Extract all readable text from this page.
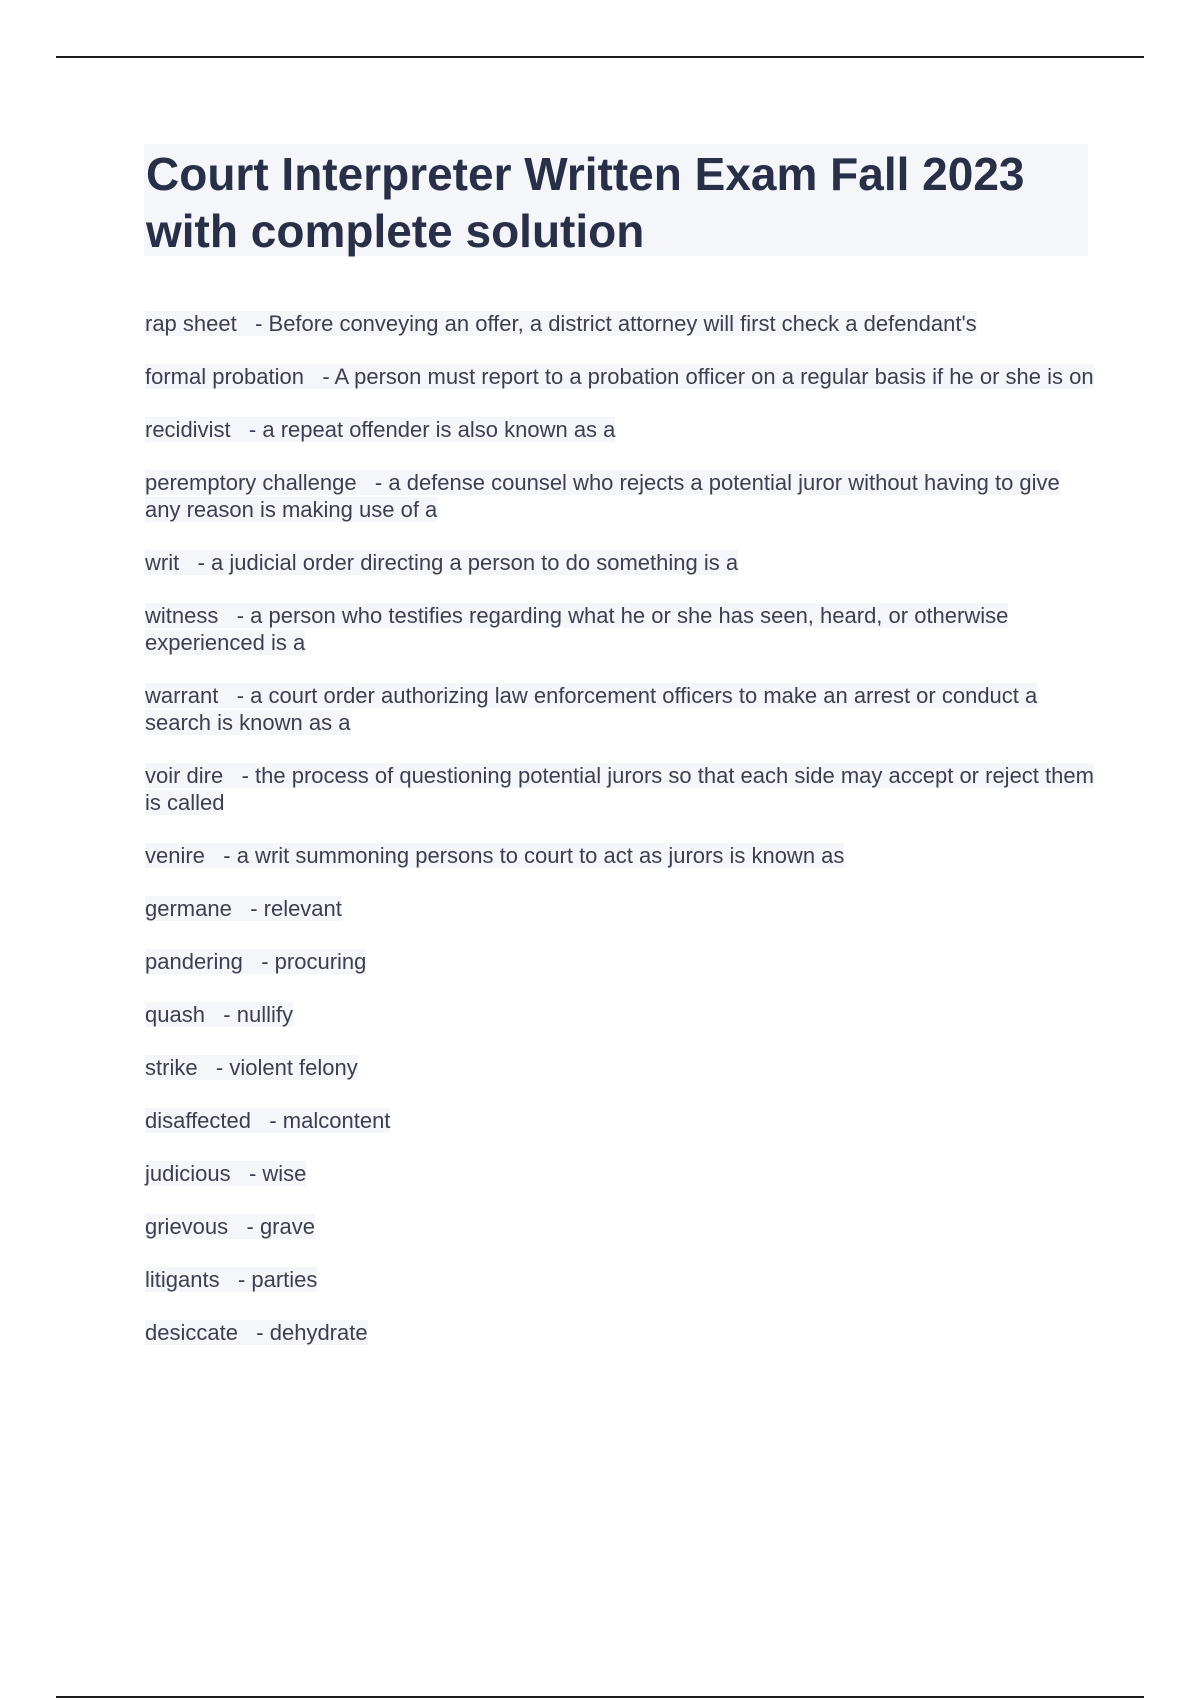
Court Interpreter Written Exam Fall 2023 with complete solution

rap sheet - Before conveying an offer, a district attorney will first check a defendant's

formal probation - A person must report to a probation officer on a regular basis if he or she is on

recidivist - a repeat offender is also known as a

peremptory challenge - a defense counsel who rejects a potential juror without having to give any reason is making use of a

writ - a judicial order directing a person to do something is a

witness - a person who testifies regarding what he or she has seen, heard, or otherwise experienced is a

warrant - a court order authorizing law enforcement officers to make an arrest or conduct a search is known as a

voir dire - the process of questioning potential jurors so that each side may accept or reject them is called

venire - a writ summoning persons to court to act as jurors is known as

germane - relevant

pandering - procuring

quash - nullify

strike - violent felony

disaffected - malcontent

judicious - wise

grievous - grave

litigants - parties

desiccate - dehydrate
